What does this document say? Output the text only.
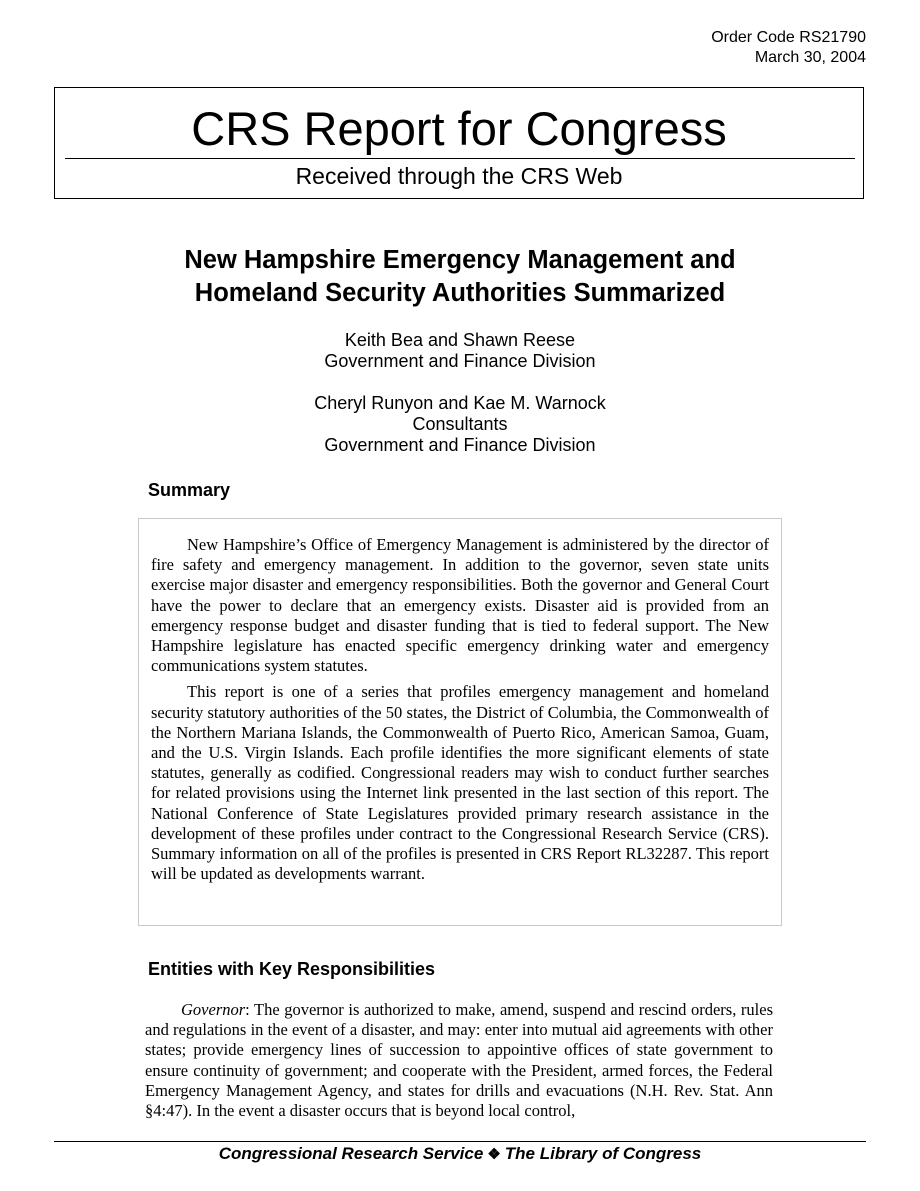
Order Code RS21790
March 30, 2004
CRS Report for Congress
Received through the CRS Web
New Hampshire Emergency Management and
Homeland Security Authorities Summarized
Keith Bea and Shawn Reese
Government and Finance Division
Cheryl Runyon and Kae M. Warnock
Consultants
Government and Finance Division
Summary

New Hampshire’s Office of Emergency Management is administered by the director of fire safety and emergency management. In addition to the governor, seven state units exercise major disaster and emergency responsibilities. Both the governor and General Court have the power to declare that an emergency exists. Disaster aid is provided from an emergency response budget and disaster funding that is tied to federal support. The New Hampshire legislature has enacted specific emergency drinking water and emergency communications system statutes.

This report is one of a series that profiles emergency management and homeland security statutory authorities of the 50 states, the District of Columbia, the Commonwealth of the Northern Mariana Islands, the Commonwealth of Puerto Rico, American Samoa, Guam, and the U.S. Virgin Islands. Each profile identifies the more significant elements of state statutes, generally as codified. Congressional readers may wish to conduct further searches for related provisions using the Internet link presented in the last section of this report. The National Conference of State Legislatures provided primary research assistance in the development of these profiles under contract to the Congressional Research Service (CRS). Summary information on all of the profiles is presented in CRS Report RL32287. This report will be updated as developments warrant.

Entities with Key Responsibilities

Governor: The governor is authorized to make, amend, suspend and rescind orders, rules and regulations in the event of a disaster, and may: enter into mutual aid agreements with other states; provide emergency lines of succession to appointive offices of state government to ensure continuity of government; and cooperate with the President, armed forces, the Federal Emergency Management Agency, and states for drills and evacuations (N.H. Rev. Stat. Ann §4:47). In the event a disaster occurs that is beyond local control,

Congressional Research Service ❖ The Library of Congress
